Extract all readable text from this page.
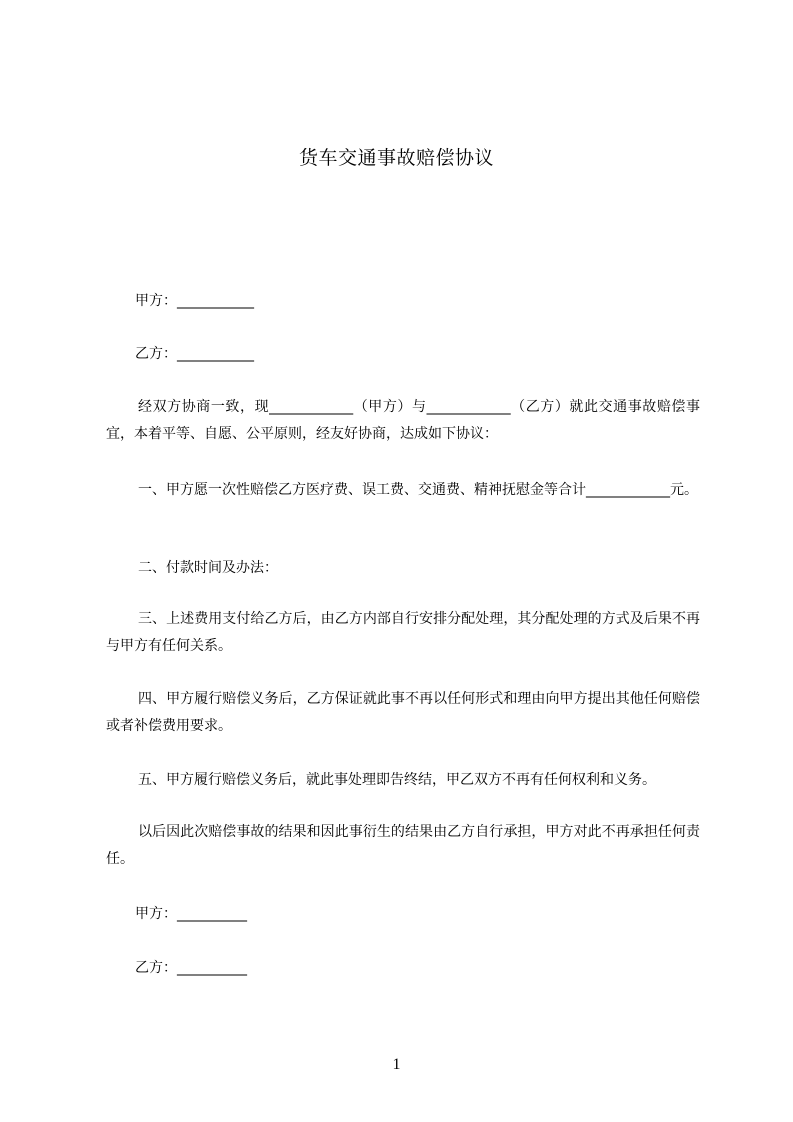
货车交通事故赔偿协议
甲方：___________
乙方：___________
经双方协商一致，现____________（甲方）与____________（乙方）就此交通事故赔偿事宜，本着平等、自愿、公平原则，经友好协商，达成如下协议：
一、甲方愿一次性赔偿乙方医疗费、误工费、交通费、精神抚慰金等合计____________元。
二、付款时间及办法：
三、上述费用支付给乙方后，由乙方内部自行安排分配处理，其分配处理的方式及后果不再与甲方有任何关系。
四、甲方履行赔偿义务后，乙方保证就此事不再以任何形式和理由向甲方提出其他任何赔偿或者补偿费用要求。
五、甲方履行赔偿义务后，就此事处理即告终结，甲乙双方不再有任何权利和义务。
以后因此次赔偿事故的结果和因此事衍生的结果由乙方自行承担，甲方对此不再承担任何责任。
甲方：__________
乙方：__________
1
